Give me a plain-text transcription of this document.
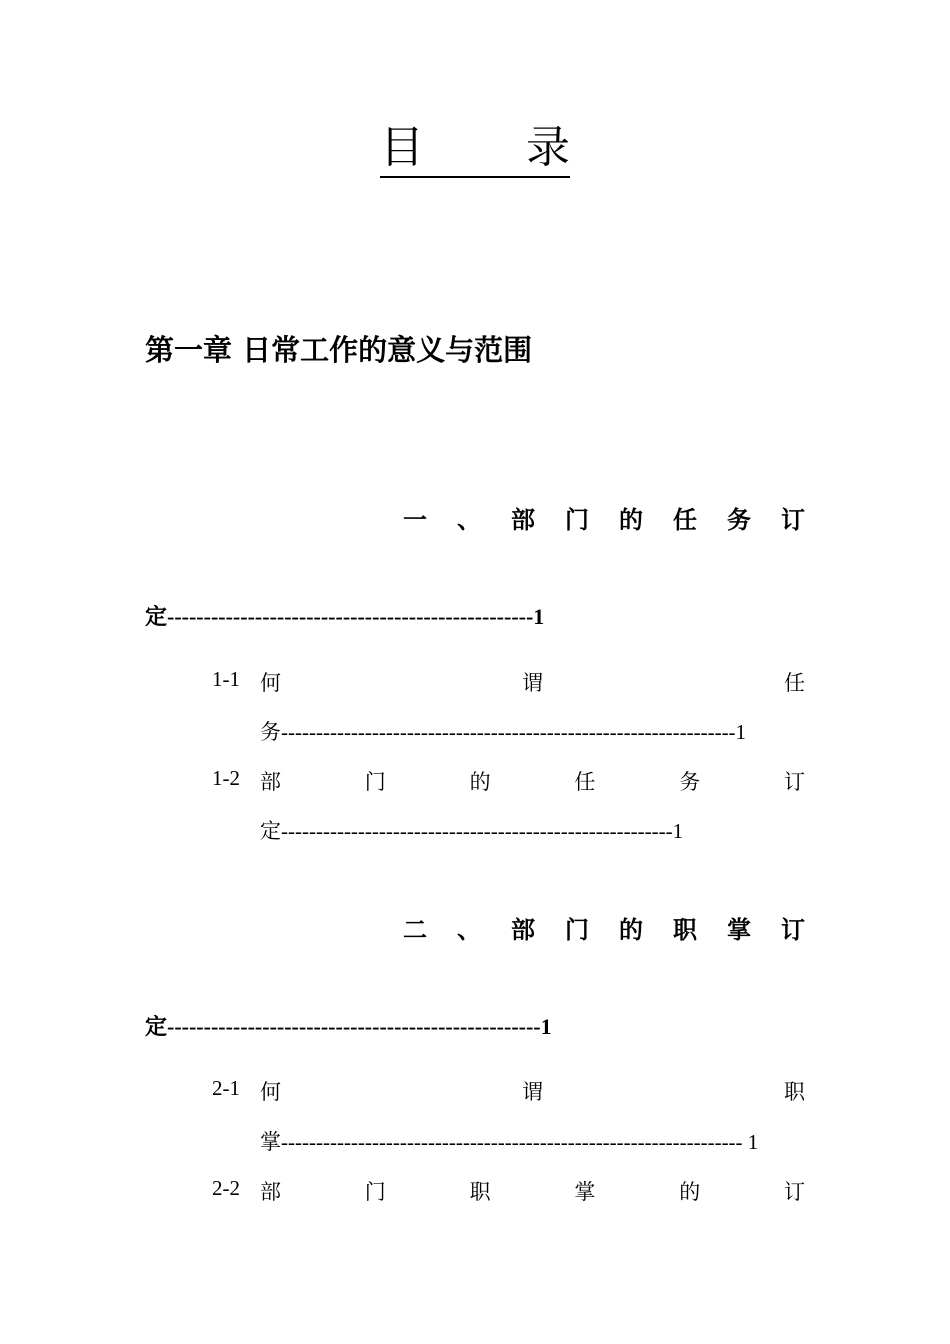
目 录
第一章 日常工作的意义与范围
一 、 部 门 的 任 务 订
定--------------------------------------------------1
1-1 何	谓	任
务-----------------------------------------------------------------1
1-2 部	门	的	任	务	订
定--------------------------------------------------------1
二 、 部 门 的 职 掌 订
定---------------------------------------------------1
2-1 何	谓	职
掌------------------------------------------------------------------ 1
2-2 部	门	职	掌	的	订
